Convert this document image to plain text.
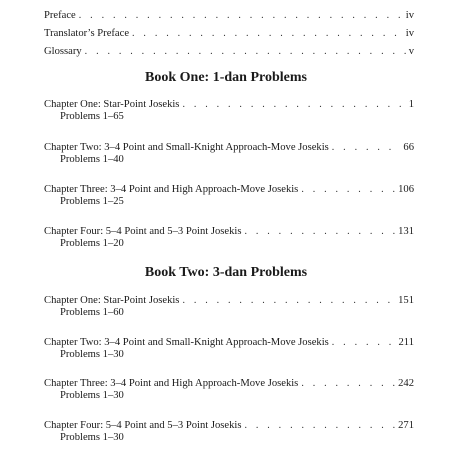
Preface . . .	iv
Translator’s Preface . . .	iv
Glossary . . .	v
Book One: 1-dan Problems
Chapter One: Star-Point Josekis . . .	1
Problems 1–65
Chapter Two: 3–4 Point and Small-Knight Approach-Move Josekis . . .	66
Problems 1–40
Chapter Three: 3–4 Point and High Approach-Move Josekis . . .	106
Problems 1–25
Chapter Four: 5–4 Point and 5–3 Point Josekis . . .	131
Problems 1–20
Book Two: 3-dan Problems
Chapter One: Star-Point Josekis . . .	151
Problems 1–60
Chapter Two: 3–4 Point and Small-Knight Approach-Move Josekis . . .	211
Problems 1–30
Chapter Three: 3–4 Point and High Approach-Move Josekis . . .	242
Problems 1–30
Chapter Four: 5–4 Point and 5–3 Point Josekis . . .	271
Problems 1–30
